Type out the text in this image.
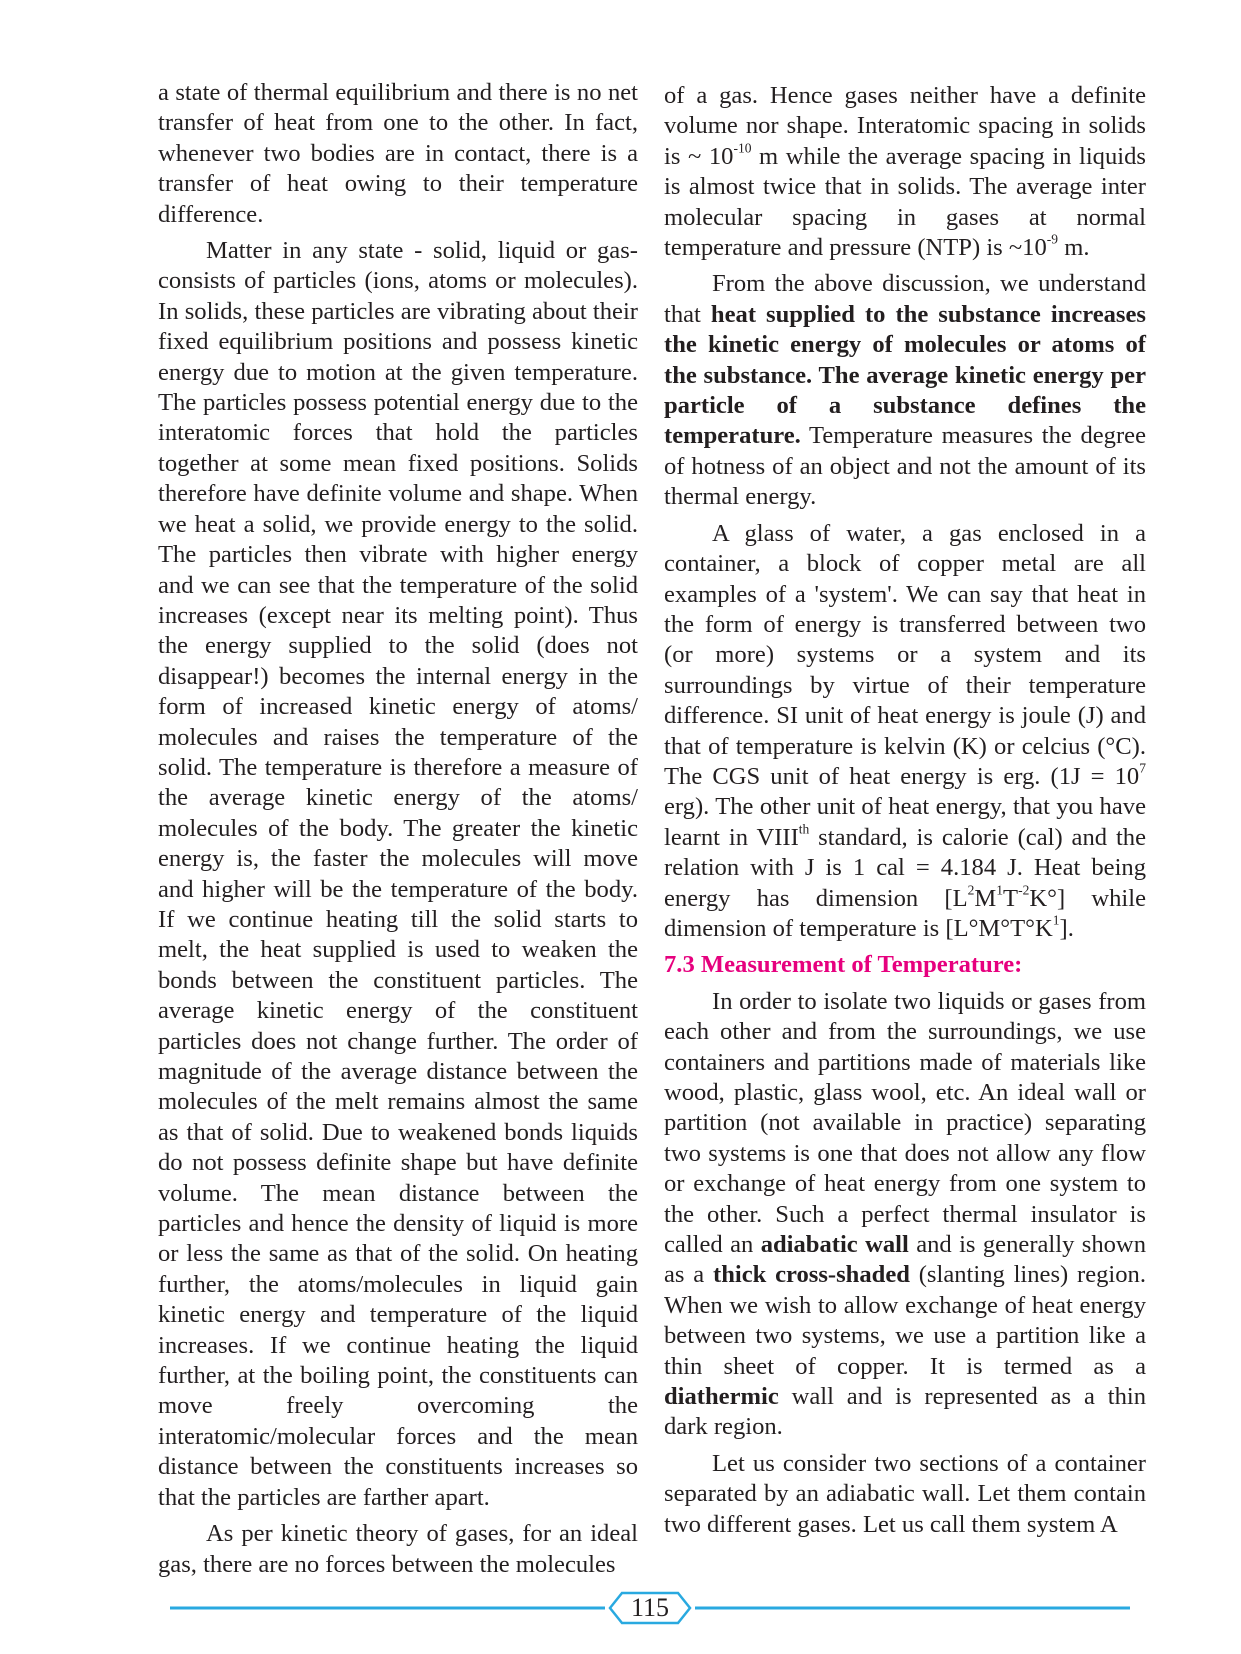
a state of thermal equilibrium and there is no net transfer of heat from one to the other. In fact, whenever two bodies are in contact, there is a transfer of heat owing to their temperature difference.

Matter in any state - solid, liquid or gas- consists of particles (ions, atoms or molecules). In solids, these particles are vibrating about their fixed equilibrium positions and possess kinetic energy due to motion at the given temperature. The particles possess potential energy due to the interatomic forces that hold the particles together at some mean fixed positions. Solids therefore have definite volume and shape. When we heat a solid, we provide energy to the solid. The particles then vibrate with higher energy and we can see that the temperature of the solid increases (except near its melting point). Thus the energy supplied to the solid (does not disappear!) becomes the internal energy in the form of increased kinetic energy of atoms/ molecules and raises the temperature of the solid. The temperature is therefore a measure of the average kinetic energy of the atoms/ molecules of the body. The greater the kinetic energy is, the faster the molecules will move and higher will be the temperature of the body. If we continue heating till the solid starts to melt, the heat supplied is used to weaken the bonds between the constituent particles. The average kinetic energy of the constituent particles does not change further. The order of magnitude of the average distance between the molecules of the melt remains almost the same as that of solid. Due to weakened bonds liquids do not possess definite shape but have definite volume. The mean distance between the particles and hence the density of liquid is more or less the same as that of the solid. On heating further, the atoms/molecules in liquid gain kinetic energy and temperature of the liquid increases. If we continue heating the liquid further, at the boiling point, the constituents can move freely overcoming the interatomic/molecular forces and the mean distance between the constituents increases so that the particles are farther apart.

As per kinetic theory of gases, for an ideal gas, there are no forces between the molecules

of a gas. Hence gases neither have a definite volume nor shape. Interatomic spacing in solids is ~ $10^{-10}$ m while the average spacing in liquids is almost twice that in solids. The average inter molecular spacing in gases at normal temperature and pressure (NTP) is $\sim 10^{-9}$ m.

From the above discussion, we understand that heat supplied to the substance increases the kinetic energy of molecules or atoms of the substance. The average kinetic energy per particle of a substance defines the temperature. Temperature measures the degree of hotness of an object and not the amount of its thermal energy.

A glass of water, a gas enclosed in a container, a block of copper metal are all examples of a 'system'. We can say that heat in the form of energy is transferred between two (or more) systems or a system and its surroundings by virtue of their temperature difference. SI unit of heat energy is joule (J) and that of temperature is kelvin (K) or celcius (°C). The CGS unit of heat energy is erg. ($1J = 10^7$ erg). The other unit of heat energy, that you have learnt in VIIIth standard, is calorie (cal) and the relation with J is 1 cal = 4.184 J. Heat being energy has dimension $[L^2M^1T^{-2}K^\circ]$ while dimension of temperature is $[L^\circ M^\circ T^\circ K^1]$.

7.3 Measurement of Temperature:

In order to isolate two liquids or gases from each other and from the surroundings, we use containers and partitions made of materials like wood, plastic, glass wool, etc. An ideal wall or partition (not available in practice) separating two systems is one that does not allow any flow or exchange of heat energy from one system to the other. Such a perfect thermal insulator is called an adiabatic wall and is generally shown as a thick cross-shaded (slanting lines) region. When we wish to allow exchange of heat energy between two systems, we use a partition like a thin sheet of copper. It is termed as a diathermic wall and is represented as a thin dark region.

Let us consider two sections of a container separated by an adiabatic wall. Let them contain two different gases. Let us call them system A

115
